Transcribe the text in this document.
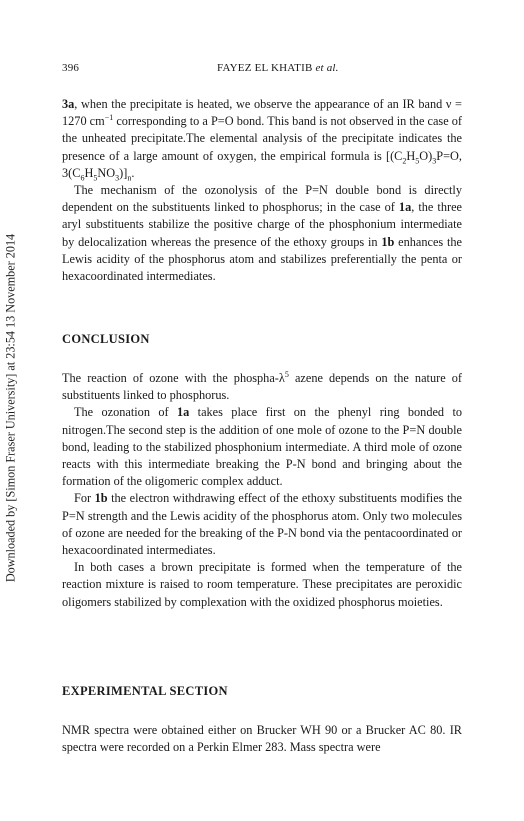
Downloaded by [Simon Fraser University] at 23:54 13 November 2014
396	FAYEZ EL KHATIB et al.

3a, when the precipitate is heated, we observe the appearance of an IR band ν = 1270 $cm^{-1}$ corresponding to a P=O bond. This band is not observed in the case of the unheated precipitate.The elemental analysis of the precipitate indicates the presence of a large amount of oxygen, the empirical formula is [$(C_2H_5O)_3P=O$, $3(C_6H_5NO_3)]_n$.

The mechanism of the ozonolysis of the P=N double bond is directly dependent on the substituents linked to phosphorus; in the case of 1a, the three aryl substituents stabilize the positive charge of the phosphonium intermediate by delocalization whereas the presence of the ethoxy groups in 1b enhances the Lewis acidity of the phosphorus atom and stabilizes preferentially the penta or hexacoordinated intermediates.

CONCLUSION

The reaction of ozone with the phospha-$\lambda^5$ azene depends on the nature of substituents linked to phosphorus.

The ozonation of 1a takes place first on the phenyl ring bonded to nitrogen.The second step is the addition of one mole of ozone to the P=N double bond, leading to the stabilized phosphonium intermediate. A third mole of ozone reacts with this intermediate breaking the P-N bond and bringing about the formation of the oligomeric complex adduct.

For 1b the electron withdrawing effect of the ethoxy substituents modifies the P=N strength and the Lewis acidity of the phosphorus atom. Only two molecules of ozone are needed for the breaking of the P-N bond via the pentacoordinated or hexacoordinated intermediates.

In both cases a brown precipitate is formed when the temperature of the reaction mixture is raised to room temperature. These precipitates are peroxidic oligomers stabilized by complexation with the oxidized phosphorus moieties.

EXPERIMENTAL SECTION

NMR spectra were obtained either on Brucker WH 90 or a Brucker AC 80. IR spectra were recorded on a Perkin Elmer 283. Mass spectra were
